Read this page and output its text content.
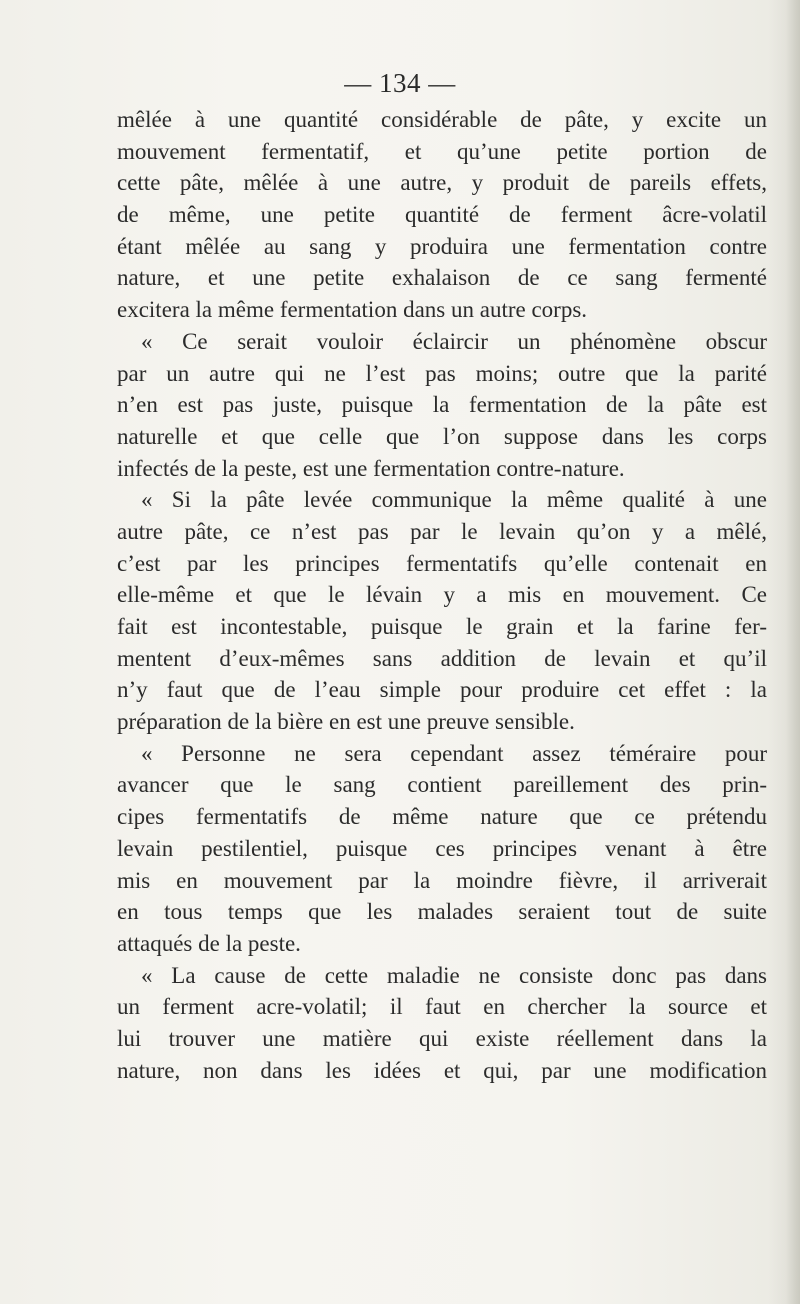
— 134 —
mêlée à une quantité considérable de pâte, y excite un
mouvement fermentatif, et qu’une petite portion de
cette pâte, mêlée à une autre, y produit de pareils effets,
de même, une petite quantité de ferment âcre-volatil
étant mêlée au sang y produira une fermentation contre
nature, et une petite exhalaison de ce sang fermenté
excitera la même fermentation dans un autre corps.
« Ce serait vouloir éclaircir un phénomène obscur
par un autre qui ne l’est pas moins; outre que la parité
n’en est pas juste, puisque la fermentation de la pâte est
naturelle et que celle que l’on suppose dans les corps
infectés de la peste, est une fermentation contre-nature.
« Si la pâte levée communique la même qualité à une
autre pâte, ce n’est pas par le levain qu’on y a mêlé,
c’est par les principes fermentatifs qu’elle contenait en
elle-même et que le lévain y a mis en mouvement. Ce
fait est incontestable, puisque le grain et la farine fer-
mentent d’eux-mêmes sans addition de levain et qu’il
n’y faut que de l’eau simple pour produire cet effet : la
préparation de la bière en est une preuve sensible.
« Personne ne sera cependant assez téméraire pour
avancer que le sang contient pareillement des prin-
cipes fermentatifs de même nature que ce prétendu
levain pestilentiel, puisque ces principes venant à être
mis en mouvement par la moindre fièvre, il arriverait
en tous temps que les malades seraient tout de suite
attaqués de la peste.
« La cause de cette maladie ne consiste donc pas dans
un ferment acre-volatil; il faut en chercher la source et
lui trouver une matière qui existe réellement dans la
nature, non dans les idées et qui, par une modification
